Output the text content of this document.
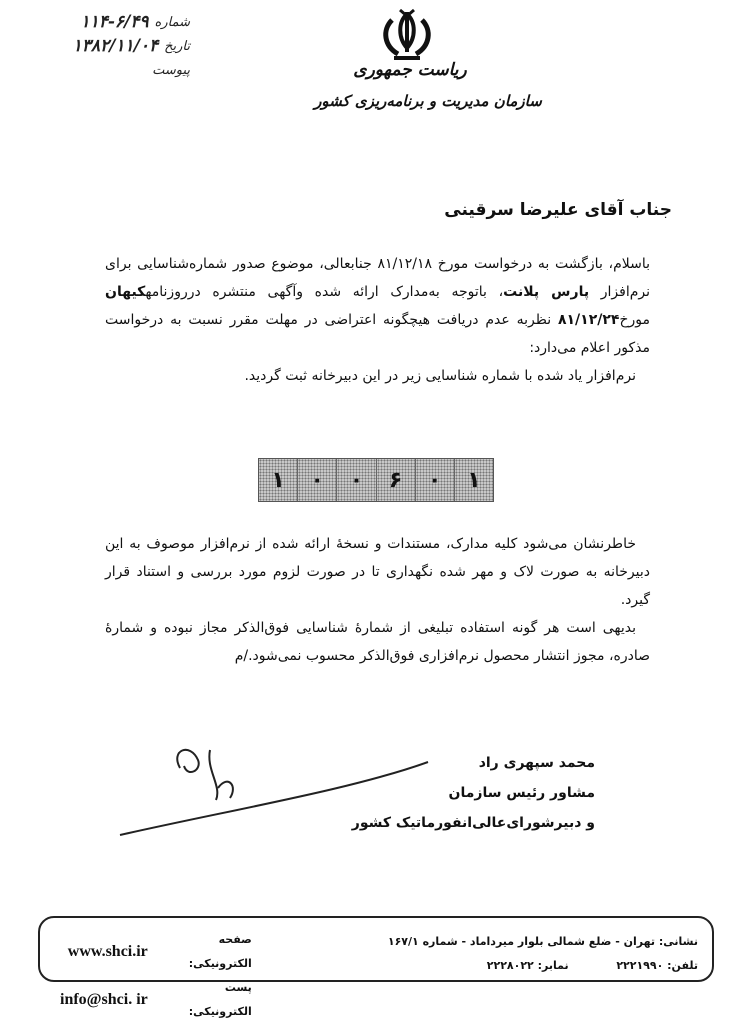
شماره
۱۱۴-۶/۴۹
تاریخ
۱۳۸۲/۱۱/۰۴
پیوست	ریاست جمهوری
سازمان مدیریت و برنامه‌ریزی کشور
جناب آقای علیرضا سرقینی

باسلام، بازگشت به درخواست مورخ ۸۱/۱۲/۱۸ جنابعالی، موضوع صدور شماره‌شناسایی برای نرم‌افزار پارس پلانت، باتوجه به‌مدارک ارائه شده وآگهی منتشره درروزنامهکیهان مورخ۸۱/۱۲/۲۴ نظربه عدم دریافت هیچگونه اعتراضی در مهلت مقرر نسبت به درخواست مذکور اعلام می‌دارد:

نرم‌افزار یاد شده با شماره شناسایی زیر در این دبیرخانه ثبت گردید.

۱	۰	۰	۶	۰	۱

خاطرنشان می‌شود کلیه مدارک، مستندات و نسخهٔ ارائه شده از نرم‌افزار موصوف به این دبیرخانه به صورت لاک و مهر شده نگهداری تا در صورت لزوم مورد بررسی و استناد قرار گیرد.

بدیهی است هر گونه استفاده تبلیغی از شمارهٔ شناسایی فوق‌الذکر مجاز نبوده و شمارهٔ صادره، مجوز انتشار محصول نرم‌افزاری فوق‌الذکر محسوب نمی‌شود./م

محمد سپهری راد
مشاور رئیس سازمان
و دبیرشورای‌عالی‌انفورماتیک کشور
نشانی: تهران - ضلع شمالی بلوار میرداماد - شماره ۱۶۷/۱
تلفن: ۲۲۲۱۹۹۰  نمابر: ۲۲۲۸۰۲۲
صفحه الکترونیکی:
www.shci.ir
پست الکترونیکی:
info@shci. ir
